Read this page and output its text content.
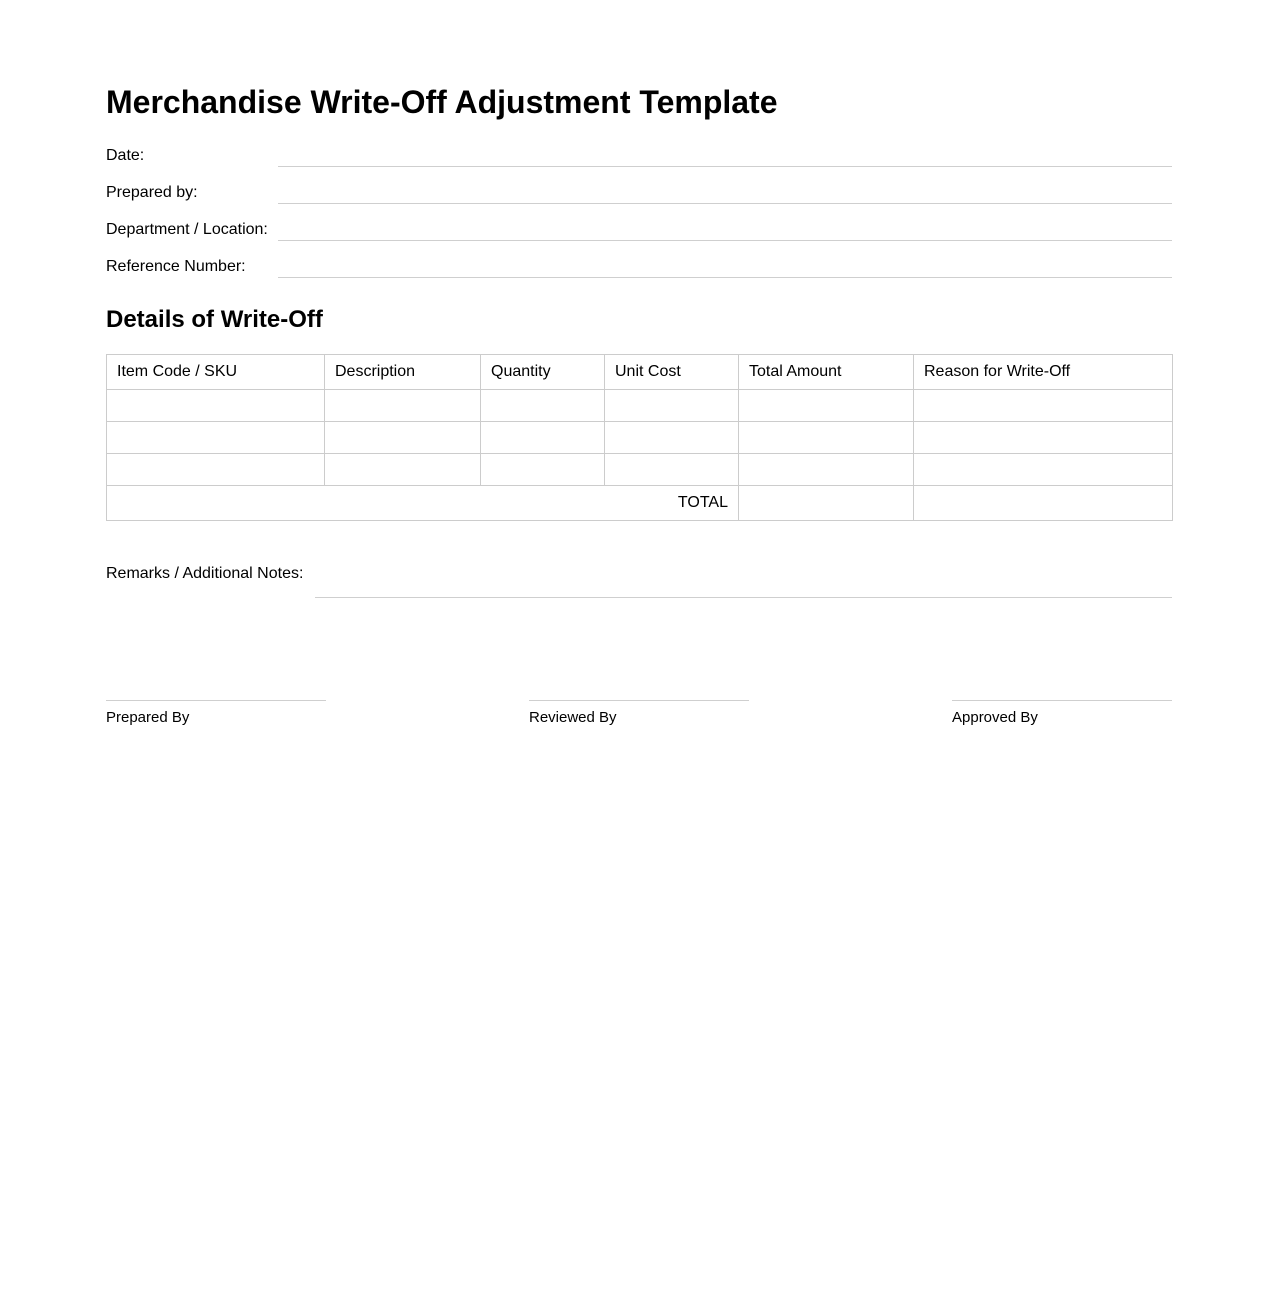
Merchandise Write-Off Adjustment Template
Date:
Prepared by:
Department / Location:
Reference Number:
Details of Write-Off
Item Code / SKU	Description	Quantity	Unit Cost	Total Amount	Reason for Write-Off

TOTAL					
Remarks / Additional Notes:
Prepared By	Reviewed By	Approved By
